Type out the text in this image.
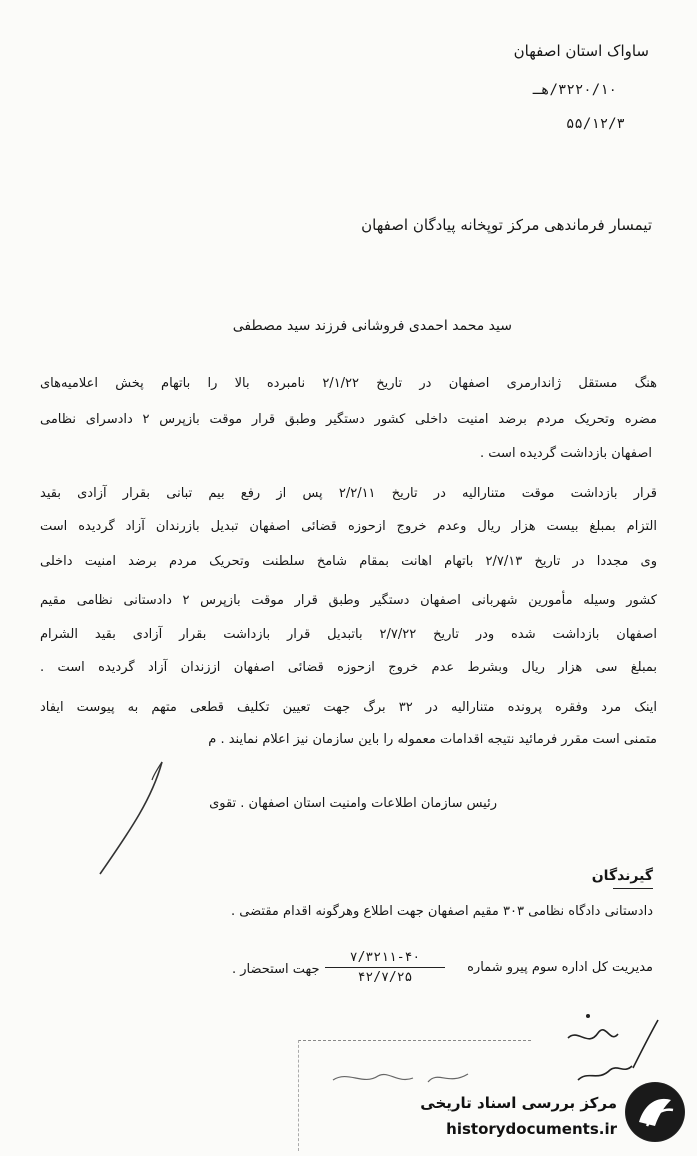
ساواک استان اصفهان
۳۲۲۰/۱۰/هـ
۵۵/۱۲/۳
تیمسار فرماندهی مرکز توپخانه پیادگان اصفهان
سید محمد احمدی فروشانی فرزند سید مصطفی
هنگ مستقل ژاندارمری اصفهان در تاریخ ۲/۱/۲۲ نامبرده بالا را باتهام پخش اعلامیه‌های
مضره وتحریک مردم برضد امنیت داخلی کشور دستگیر وطبق قرار موقت بازپرس ۲ دادسرای نظامی
اصفهان بازداشت گردیده است .
قرار بازداشت موقت متنارالیه در تاریخ ۲/۲/۱۱ پس از رفع بیم تبانی بقرار آزادی بقید
التزام بمبلغ بیست هزار ریال وعدم خروج ازحوزه قضائی اصفهان تبدیل بازرندان آزاد گردیده است
وی مجددا در تاریخ ۲/۷/۱۳ باتهام اهانت بمقام شامخ سلطنت وتحریک مردم برضد امنیت داخلی
کشور وسیله مأمورین شهربانی اصفهان دستگیر وطبق قرار موقت بازپرس ۲ دادستانی نظامی مقیم
اصفهان بازداشت شده ودر تاریخ ۲/۷/۲۲ باتبدیل قرار بازداشت بقرار آزادی بقید الشرام
بمبلغ سی هزار ریال وبشرط عدم خروج ازحوزه قضائی اصفهان اززندان آزاد گردیده است .
اینک مرد وفقره پرونده متنارالیه در ۳۲ برگ جهت تعیین تکلیف قطعی متهم به پیوست ایفاد
متمنی است مقرر فرمائید نتیجه اقدامات معموله را باین سازمان نیز اعلام نمایند . م
رئیس سازمان اطلاعات وامنیت استان اصفهان . تقوی
گیرندگان
دادستانی دادگاه نظامی ۳۰۳ مقیم اصفهان جهت اطلاع وهرگونه اقدام مقتضی .
مدیریت کل اداره سوم پیرو شماره
۷/۳۲۱۱-۴۰
۴۲/۷/۲۵
جهت استحضار .
مرکز بررسی اسناد تاریخی
historydocuments.ir
